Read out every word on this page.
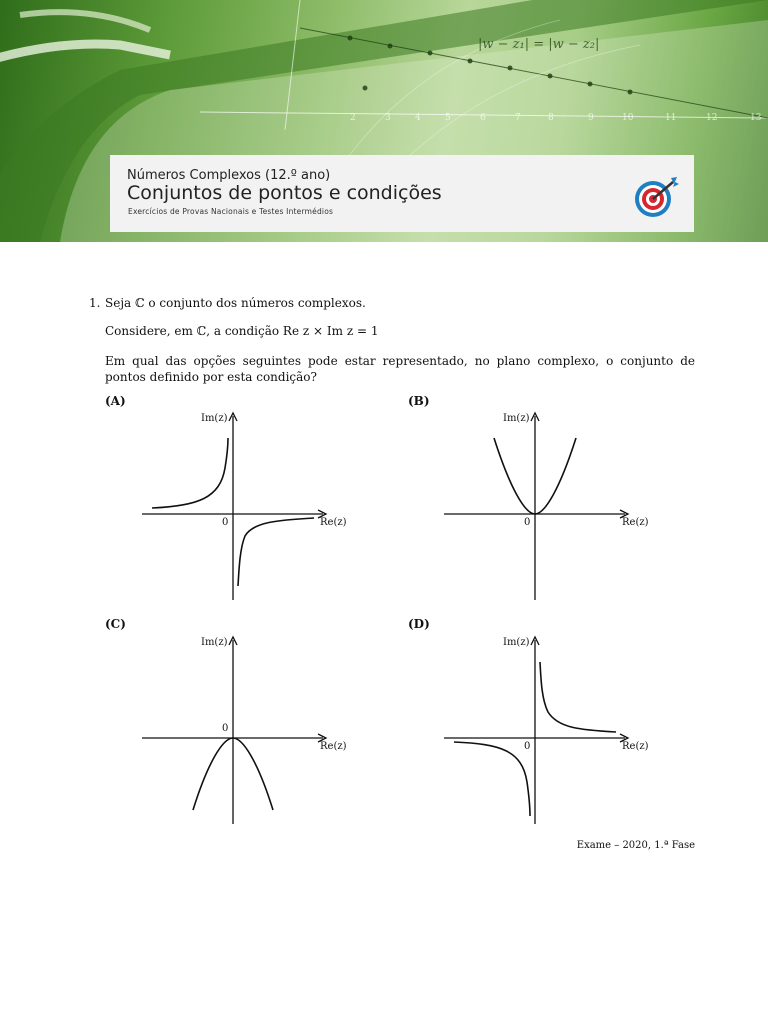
2	3	4	5	6	7	8	9	10	11	12	13
|w − z₁| = |w − z₂|
Números Complexos (12.º ano)
Conjuntos de pontos e condições
Exercícios de Provas Nacionais e Testes Intermédios
1. Seja ℂ o conjunto dos números complexos.
Considere, em ℂ, a condição Re z × Im z = 1
Em qual das opções seguintes pode estar representado, no plano complexo, o conjunto de pontos definido por esta condição?
(A)	(B)
(C)	(D)
Im(z)
Re(z)
0
Im(z)
Re(z)
0
Im(z)
Re(z)
0
Im(z)
Re(z)
0
Exame – 2020, 1.ª Fase
